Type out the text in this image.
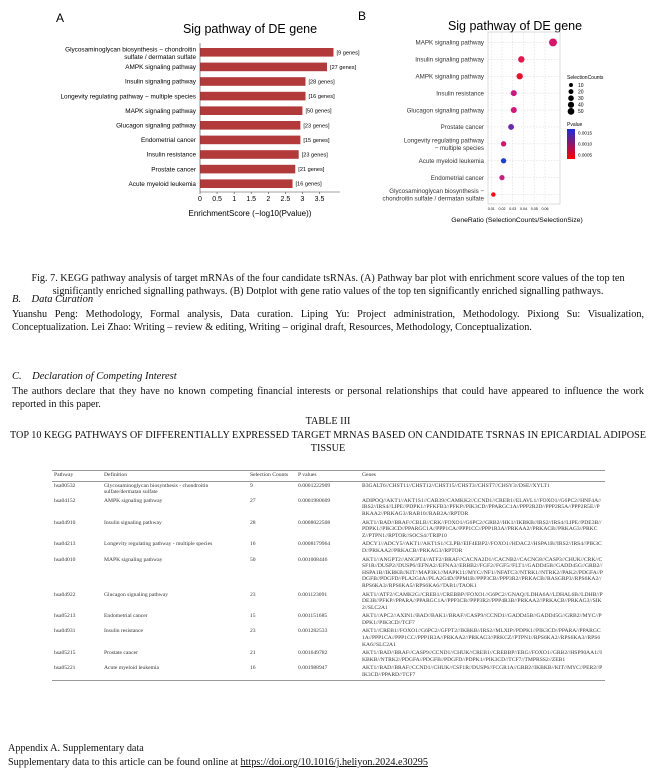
A
Sig pathway of DE gene
Glycosaminoglycan biosynthesis − chondroitin
sulfate / dermatan sulfate
AMPK signaling pathway
Insulin signaling pathway
Longevity regulating pathway − multiple species
MAPK signaling pathway
Glucagon signaling pathway
Endometrial cancer
Insulin resistance
Prostate cancer
Acute myeloid leukemia
[9 genes]
[27 genes]
[28 genes]
[16 genes]
[50 genes]
[23 genes]
[15 genes]
[23 genes]
[21 genes]
[16 genes]
0 0.5 1 1.5 2 2.5 3 3.5
EnrichmentScore (−log10(Pvalue))
B
Sig pathway of DE gene
MAPK signaling pathway
Insulin signaling pathway
AMPK signaling pathway
Insulin resistance
Glucagon signaling pathway
Prostate cancer
Longevity regulating pathway
− multiple species
Acute myeloid leukemia
Endometrial cancer
Glycosaminoglycan biosynthesis −
chondroitin sulfate / dermatan sulfate
0.01 0.02 0.03 0.04 0.05 0.06
GeneRatio (SelectionCounts/SelectionSize)
SelectionCounts
10
20
30
40
50
Pvalue
0.0015
0.0010
0.0005
Fig. 7. KEGG pathway analysis of target mRNAs of the four candidate tsRNAs. (A) Pathway bar plot with enrichment score values of the top ten significantly enriched signalling pathways. (B) Dotplot with gene ratio values of the top ten significantly enriched signalling pathways.
B. Data Curation
Yuanshu Peng: Methodology, Formal analysis, Data curation. Liping Yu: Project administration, Methodology. Pixiong Su: Visualization, Conceptualization. Lei Zhao: Writing – review & editing, Writing – original draft, Resources, Methodology, Conceptualization.
C. Declaration of Competing Interest
The authors declare that they have no known competing financial interests or personal relationships that could have appeared to influence the work reported in this paper.
TABLE III
TOP 10 KEGG PATHWAYS OF DIFFERENTIALLY EXPRESSED TARGET MRNAS BASED ON CANDIDATE TSRNAS IN EPICARDIAL ADIPOSE TISSUE
Pathway	Definition	Selection Counts	P values	Genes
hsa00532	Glycosaminoglycan biosynthesis - chondroitin sulfate/dermatan sulfate	9	0.0001222909	B3GALT6//CHST11//CHST12//CHST15//CHST3//CHST7//CHSY3//DSE//XYLT1
hsa04152	AMPK signaling pathway	27	0.0001980609	ADIPOQ//AKT1//AKT1S1//CAB39//CAMKK2//CCND1//CREB1//ELAVL1//FOXO1//G6PC2//HNF4A//IRS2//IRS4//LIPE//PDPK1//PFKFB3//PFKP//PIK3CD//PPARGC1A//PPP2R2D//PPP2R5A//PPP2R5E//PRKAA2//PRKAG3//RAB10//RAB2A//RPTOR
hsa04910	Insulin signaling pathway	28	0.0008022508	AKT1//BAD//BRAF//CBLB//CRK//FOXO1//G6PC2//GRB2//HK1//IKBKB//IRS2//IRS4//LIPE//PDE3B//PDPK1//PIK3CD//PPARGC1A//PPP1CA//PPP1CC//PPP1R3A//PRKAA2//PRKACB//PRKAG3//PRKCZ//PTPN1//RPTOR//SOCS4//TRIP10
hsa04213	Longevity regulating pathway - multiple species	16	0.0008179964	ADCY1//ADCY5//AKT1//AKT1S1//CLPB//EIF4EBP2//FOXO1//HDAC2//HSPA1B//IRS2//IRS4//PIK3CD//PRKAA2//PRKACB//PRKAG3//RPTOR
hsa04010	MAPK signaling pathway	50	0.001008446	AKT1//ANGPT2//ANGPT4//ATF2//BRAF//CACNA2D1//CACNB2//CACNG8//CASP3//CHUK//CRK//CSF1R//DUSP2//DUSP6//EFNA2//EFNA3//ERBB2//FGF2//FGF5//FLT1//GADD45B//GADD45G//GRB2//HSPA1B//IKBKB//KIT//MAP3K1//MAPK11//MYC//NF1//NFATC3//NTRK1//NTRK2//PAK2//PDGFA//PDGFB//PDGFD//PLA2G4A//PLA2G4D//PPM1B//PPP3CB//PPP3R2//PRKACB//RASGRP3//RPS6KA2//RPS6KA3//RPS6KA5//RPS6KA6//TAB1//TAOK1
hsa04922	Glucagon signaling pathway	23	0.001123091	AKT1//ATF2//CAMK2G//CREB1//CREBBP//FOXO1//G6PC2//GNAQ//LDHA6A//LDHAL6B//LDHB//PDE3B//PFKP//PPARA//PPARGC1A//PPP3CB//PPP3R2//PPP4R3B//PRKAA2//PRKACB//PRKAG3//SIK2//SLC2A1
hsa05213	Endometrial cancer	15	0.001151685	AKT1//APC2//AXIN1//BAD//BAK1//BRAF//CASP9//CCND1//GADD45B//GADD45G//GRB2//MYC//PDPK1//PIK3CD//TCF7
hsa04931	Insulin resistance	23	0.001282533	AKT1//CREB1//FOXO1//G6PC2//GFPT2//IKBKB//IRS2//MLXIP//PDPK1//PIK3CD//PPARA//PPARGC1A//PPP1CA//PPP1CC//PPP1R3A//PRKAA2//PRKAG3//PRKCZ//PTPN1//RPS6KA2//RPS6KA3//RPS6KA6//SLC2A1
hsa05215	Prostate cancer	21	0.001649782	AKT1//BAD//BRAF//CASP9//CCND1//CHUK//CREB1//CREBBP//ERG//FOXO1//GRB2//HSP90AA1//IKBKB//NTRK2//PDGFA//PDGFB//PDGFD//PDPK1//PIK3CD//TCF7//TMPRSS2//ZEB1
hsa05221	Acute myeloid leukemia	16	0.001988947	AKT1//BAD//BRAF//CCND1//CHUK//CSF1R//DUSP6//FCGR1A//GRB2//IKBKB//KIT//MYC//PER2//PIK3CD//PPARD//TCF7
Appendix A. Supplementary data
Supplementary data to this article can be found online at https://doi.org/10.1016/j.heliyon.2024.e30295
